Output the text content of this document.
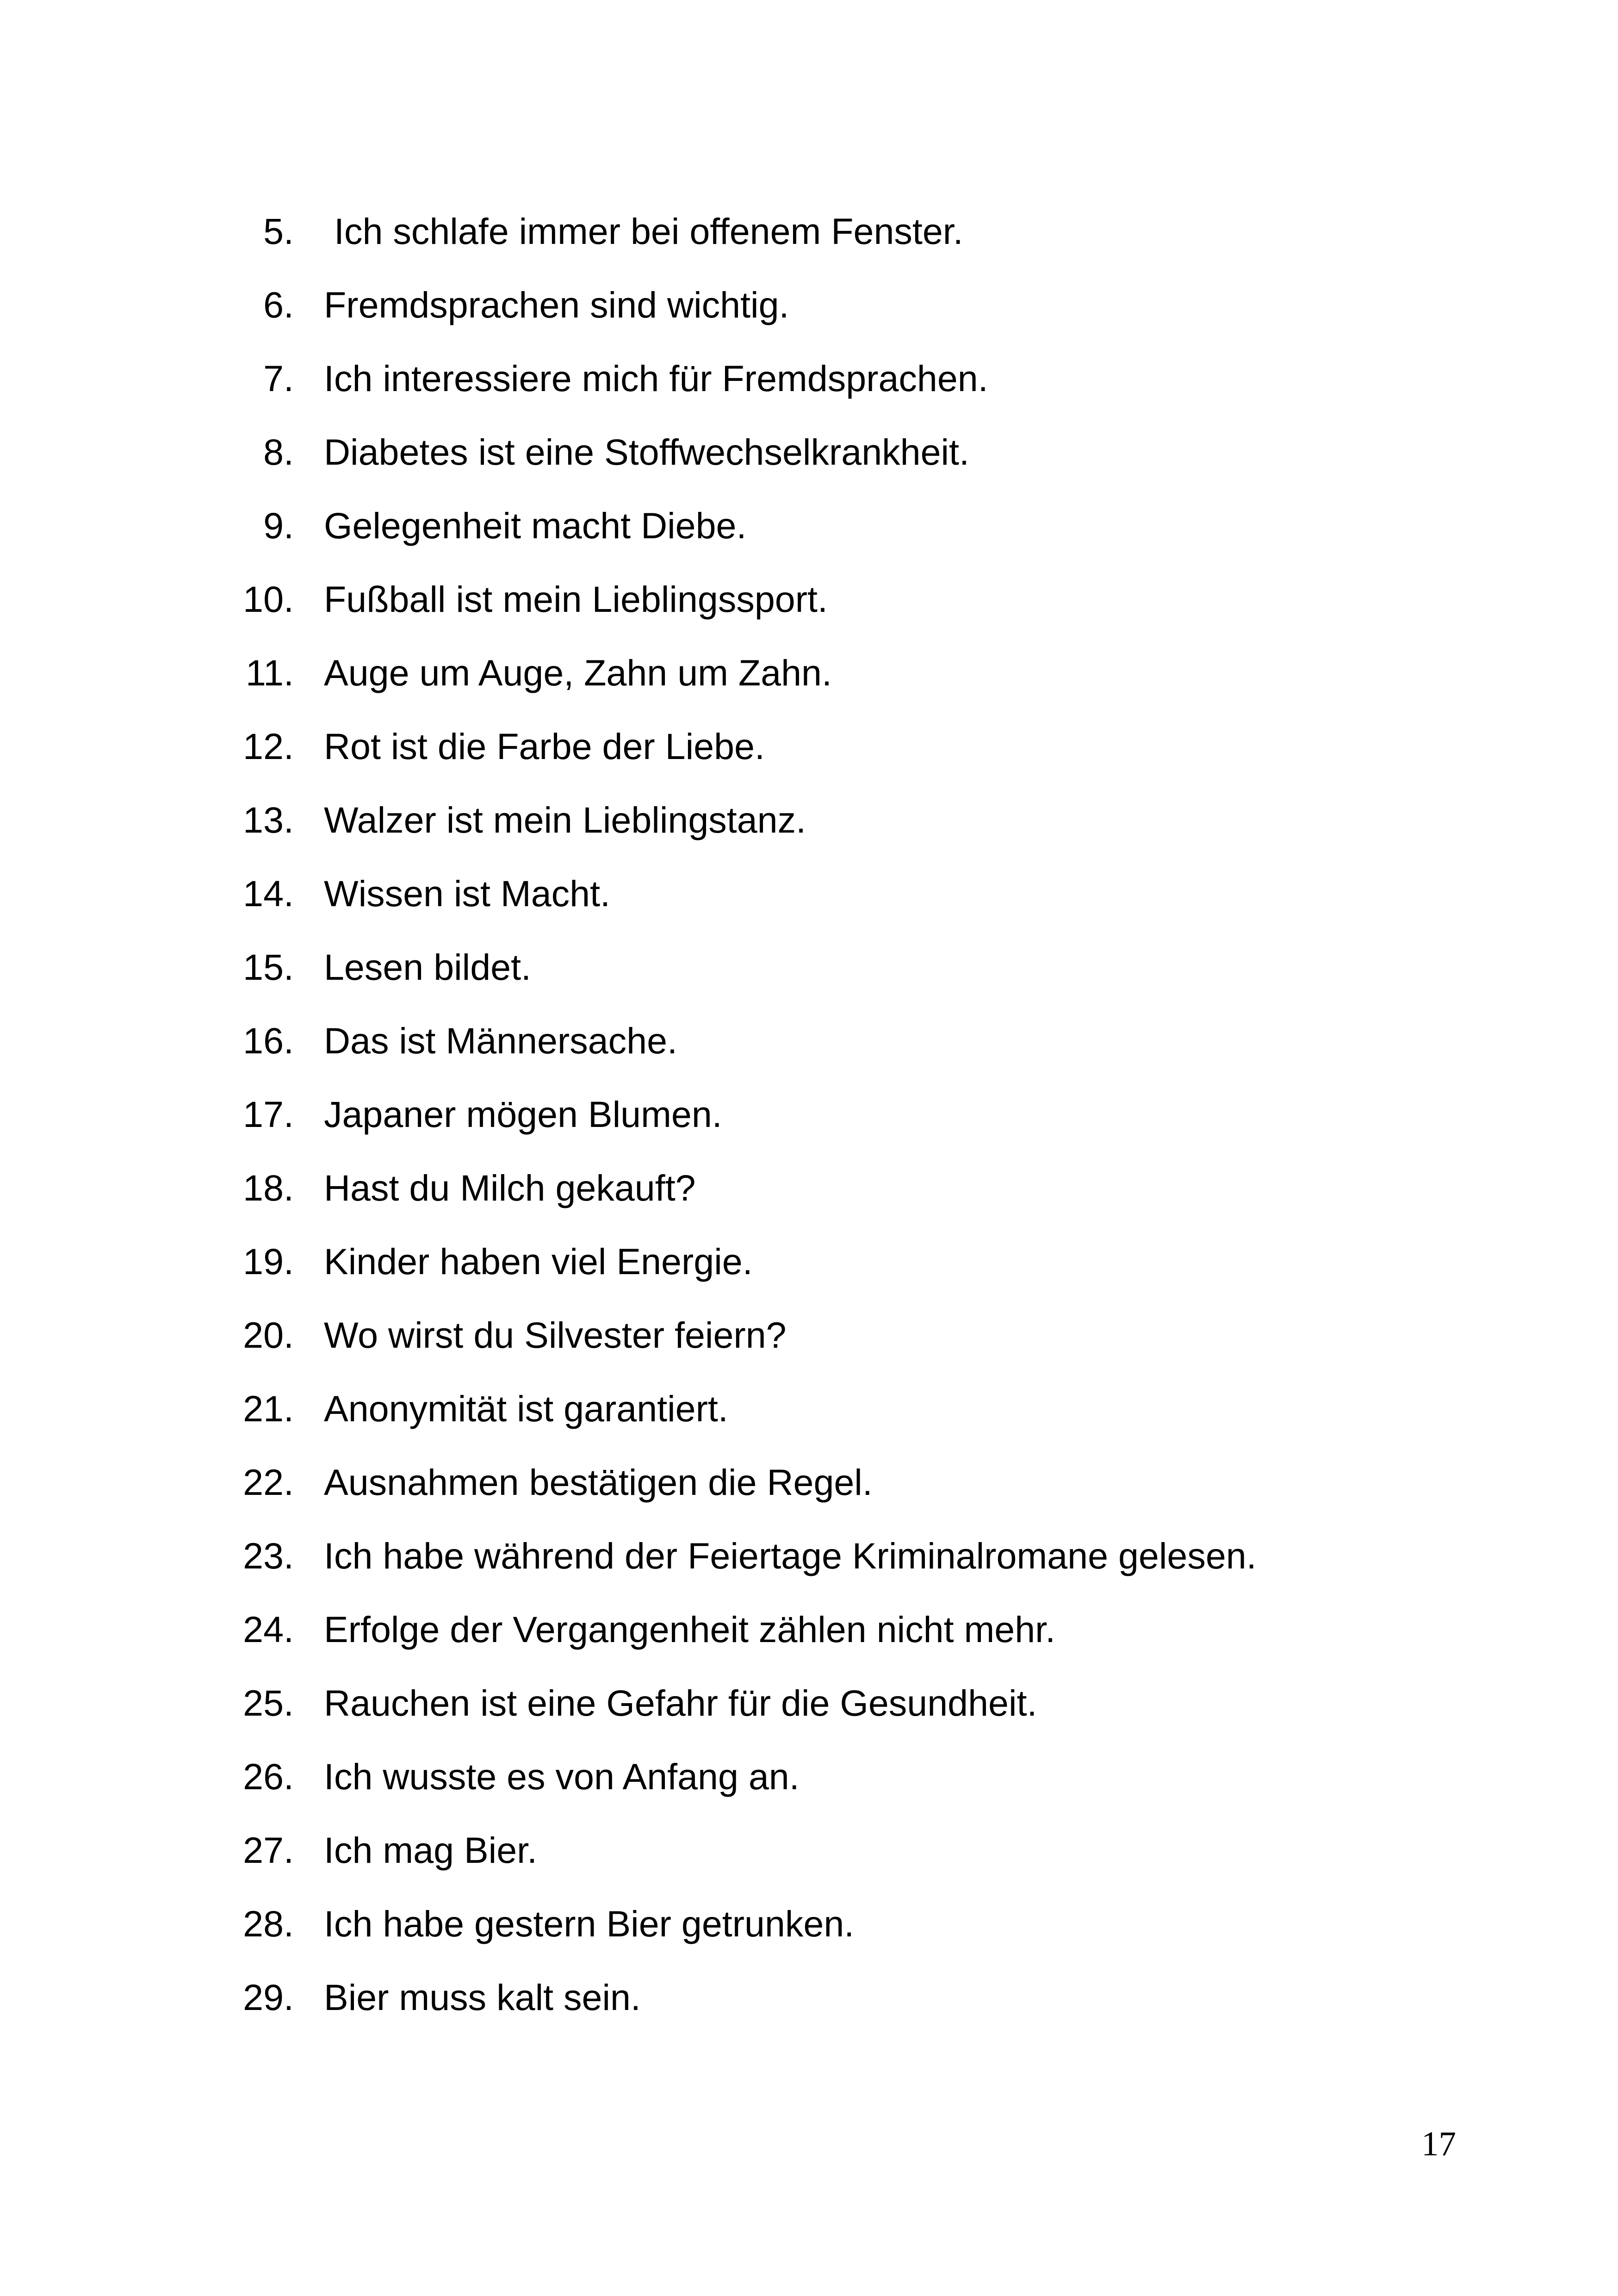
5. Ich schlafe immer bei offenem Fenster.
6. Fremdsprachen sind wichtig.
7. Ich interessiere mich für Fremdsprachen.
8. Diabetes ist eine Stoffwechselkrankheit.
9. Gelegenheit macht Diebe.
10. Fußball ist mein Lieblingssport.
11. Auge um Auge, Zahn um Zahn.
12. Rot ist die Farbe der Liebe.
13. Walzer ist mein Lieblingstanz.
14. Wissen ist Macht.
15. Lesen bildet.
16. Das ist Männersache.
17. Japaner mögen Blumen.
18. Hast du Milch gekauft?
19. Kinder haben viel Energie.
20. Wo wirst du Silvester feiern?
21. Anonymität ist garantiert.
22. Ausnahmen bestätigen die Regel.
23. Ich habe während der Feiertage Kriminalromane gelesen.
24. Erfolge der Vergangenheit zählen nicht mehr.
25. Rauchen ist eine Gefahr für die Gesundheit.
26. Ich wusste es von Anfang an.
27. Ich mag Bier.
28. Ich habe gestern Bier getrunken.
29. Bier muss kalt sein.
17
